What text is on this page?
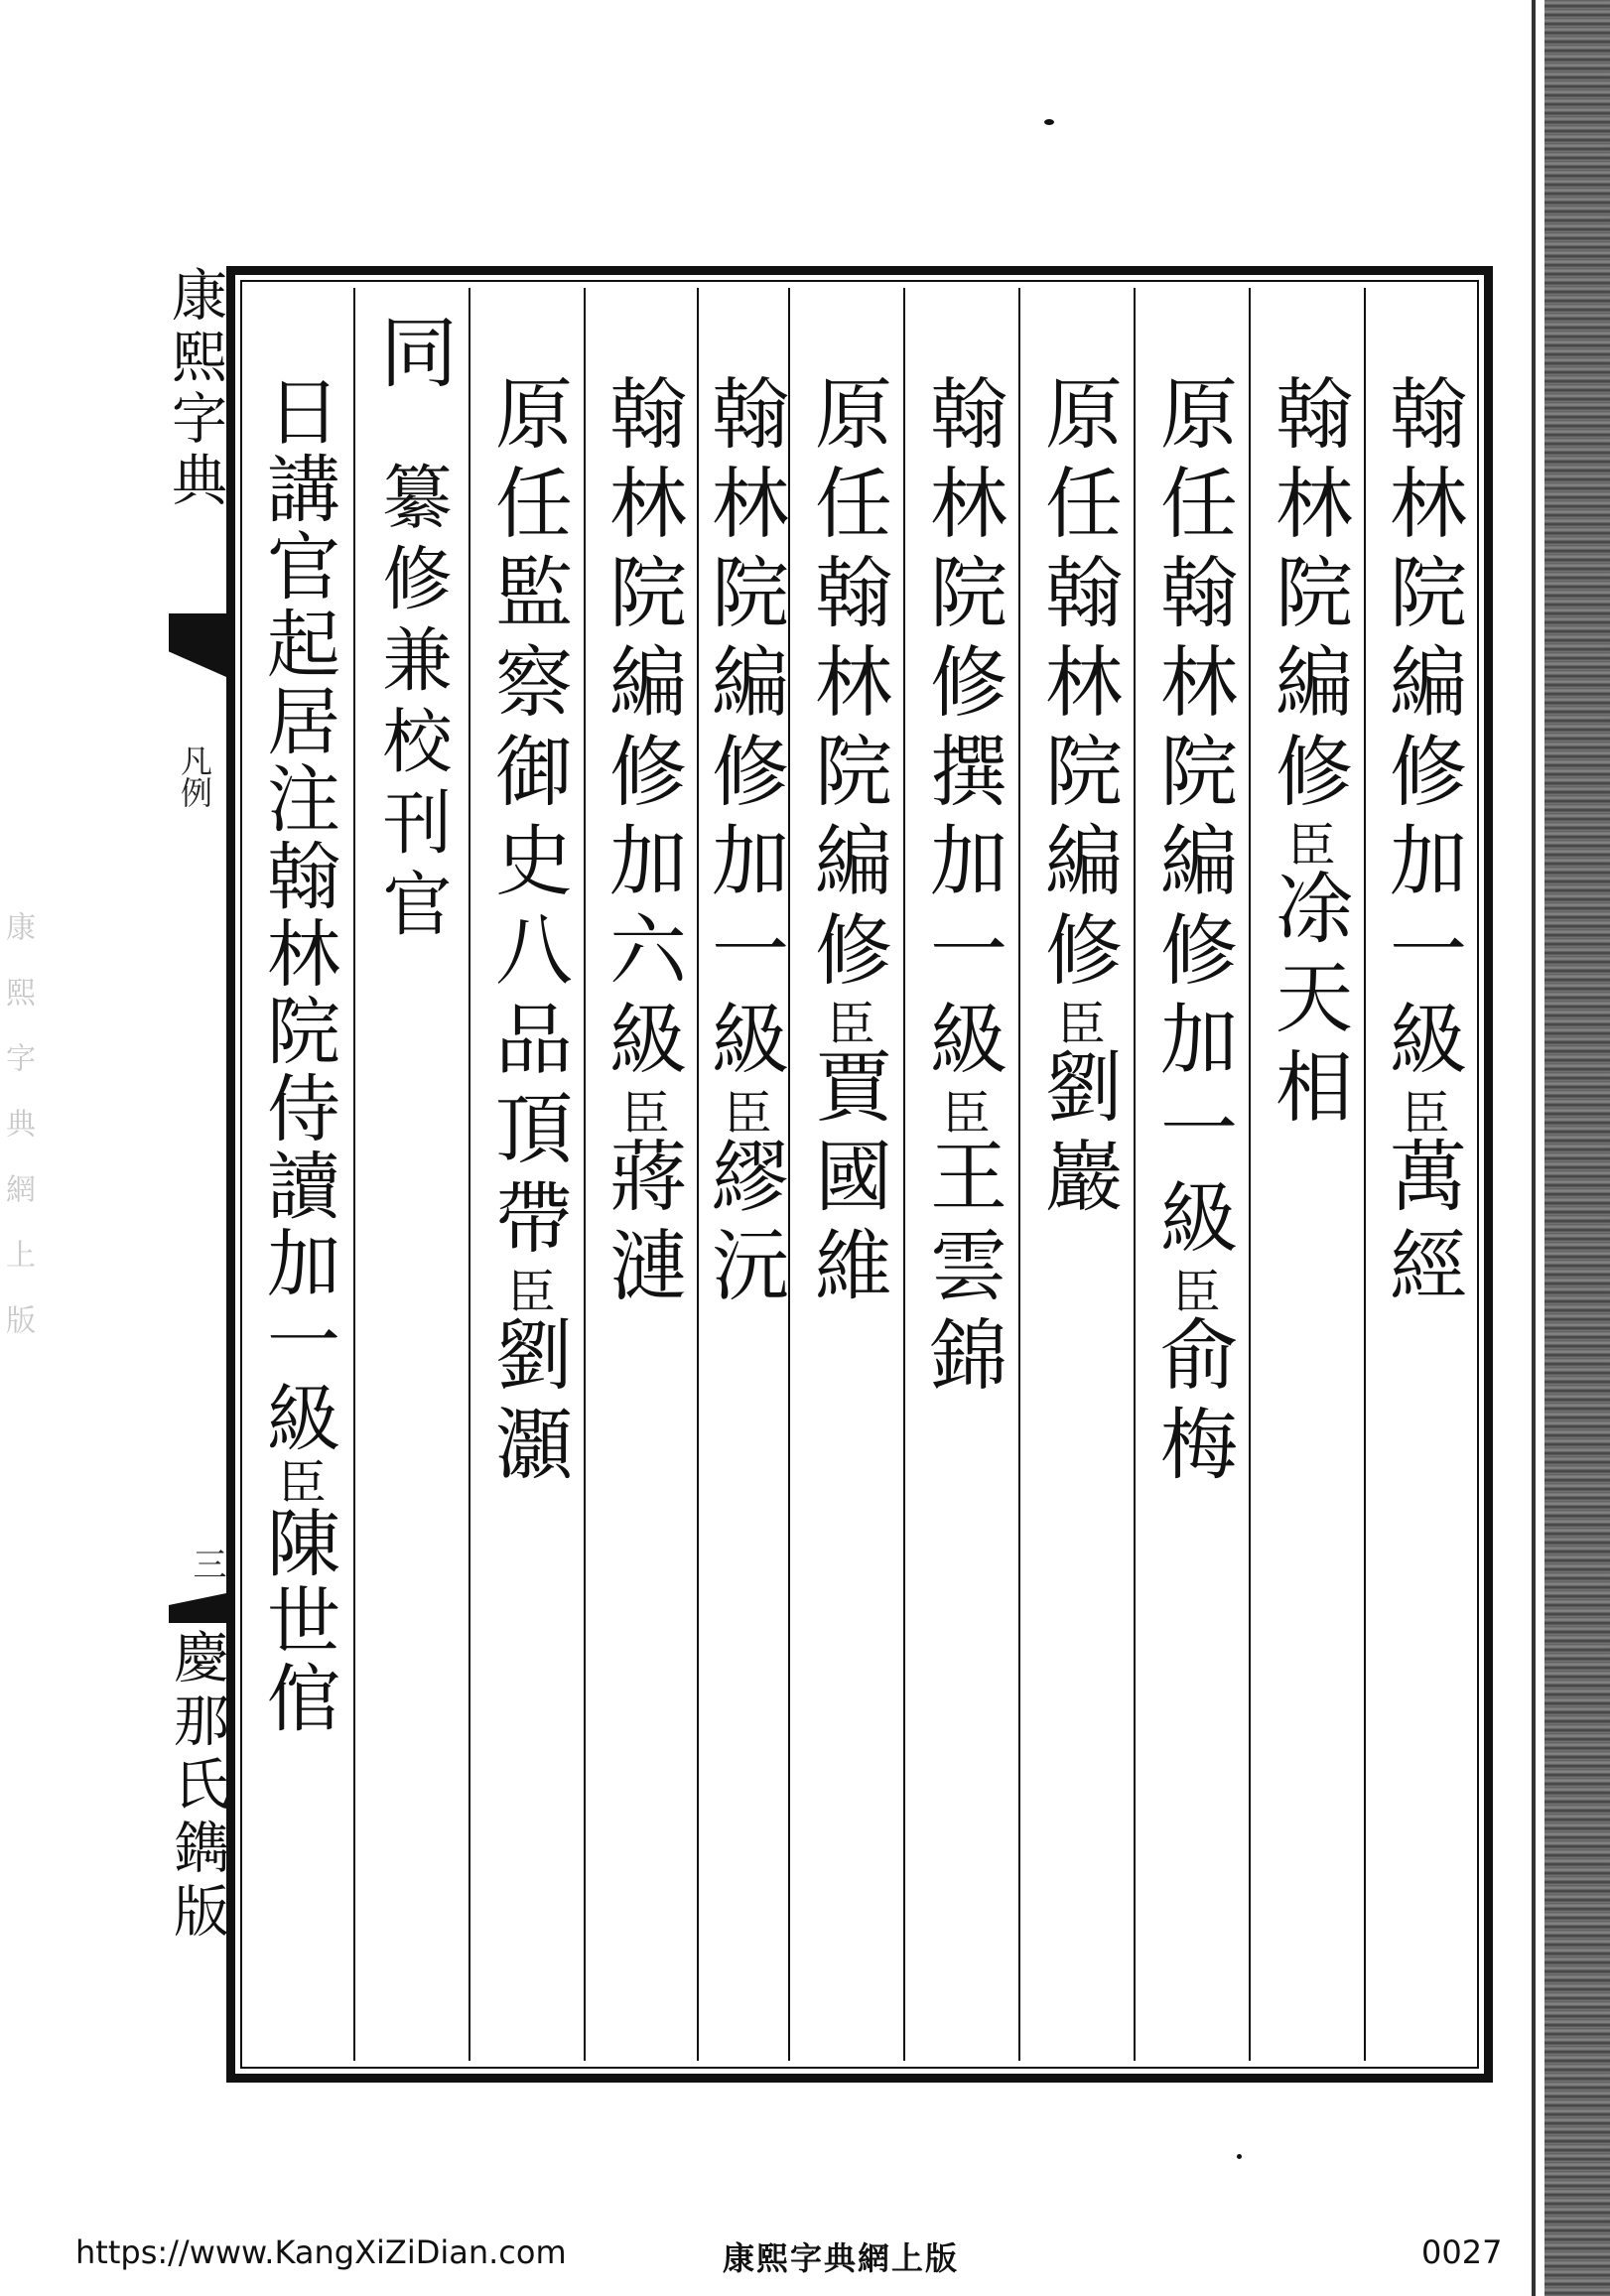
康熙字典網上版
康熙字典
凡例
三
慶那氏鐫版
翰林院編修加一級臣萬經
翰林院編修臣凃天相
原任翰林院編修加一級臣俞梅
原任翰林院編修臣劉巖
翰林院修撰加一級臣王雲錦
原任翰林院編修臣賈國維
翰林院編修加一級臣繆沅
翰林院編修加六級臣蔣漣
原任監察御史八品頂帶臣劉灝
同纂修兼校刊官
日講官起居注翰林院侍讀加一級臣陳世倌
https://www.KangXiZiDian.com	康熙字典網上版	0027
